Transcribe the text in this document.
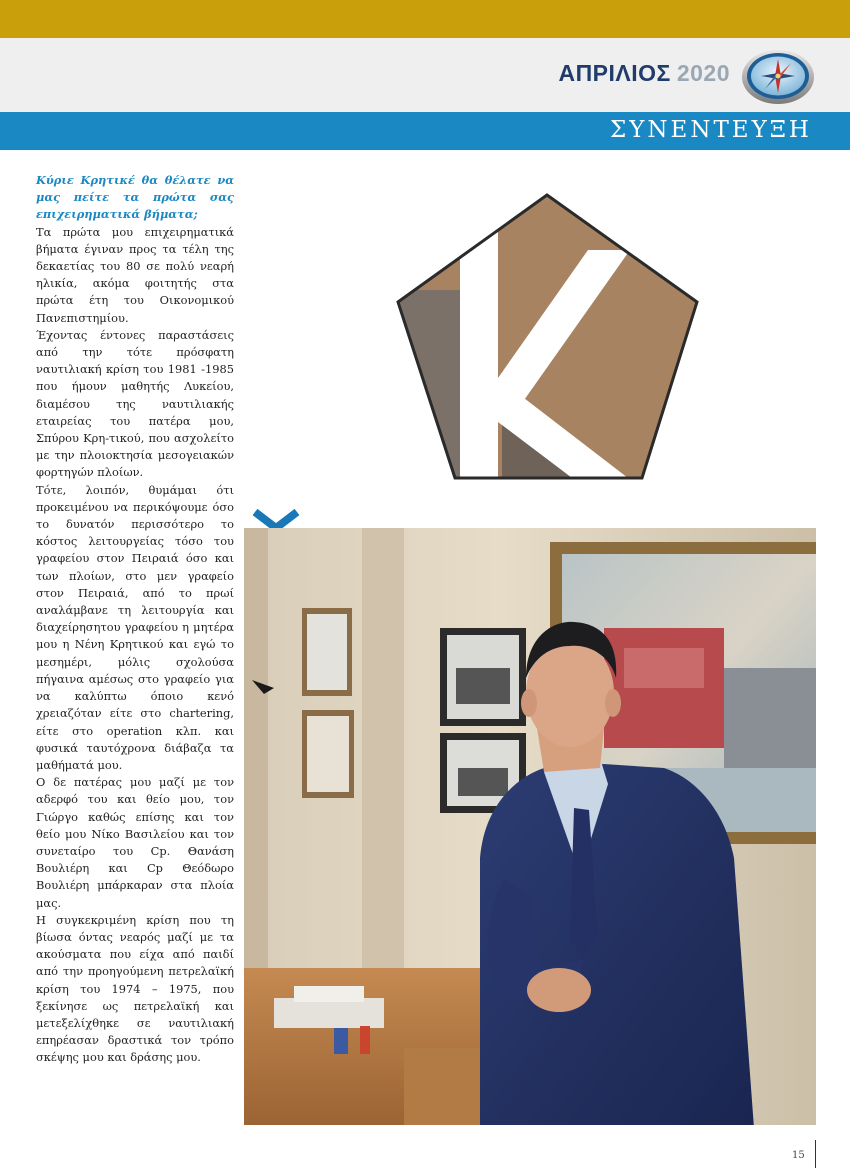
ΑΠΡΙΛΙΟΣ 2020
ΣΥΝΕΝΤΕΥΞΗ

Κύριε Κρητικέ θα θέλατε να μας πείτε τα πρώτα σας επιχειρηματικά βήματα;

Τα πρώτα μου επιχειρηματικά βήματα έγιναν προς τα τέλη της δεκαετίας του 80 σε πολύ νεαρή ηλικία, ακόμα φοιτητής στα πρώτα έτη του Οικονομικού Πανεπιστημίου.

Έχοντας έντονες παραστάσεις από την τότε πρόσφατη ναυτιλιακή κρίση του 1981 -1985 που ήμουν μαθητής Λυκείου, διαμέσου της ναυτιλιακής εταιρείας του πατέρα μου, Σπύρου Κρη-τικού, που ασχολείτο με την πλοιοκτησία μεσογειακών φορτηγών πλοίων.

Τότε, λοιπόν, θυμάμαι ότι προκειμένου να περικόψουμε όσο το δυνατόν περισσότερο το κόστος λειτουργείας τόσο του γραφείου στον Πειραιά όσο και των πλοίων, στο μεν γραφείο στον Πειραιά, από το πρωί αναλάμβανε τη λειτουργία και διαχείρησητου γραφείου η μητέρα μου η Νένη Κρητικού και εγώ το μεσημέρι, μόλις σχολούσα πήγαινα αμέσως στο γραφείο για να καλύπτω όποιο κενό χρειαζόταν είτε στο chartering, είτε στο operation κλπ. και φυσικά ταυτόχρονα διάβαζα τα μαθήματά μου.

Ο δε πατέρας μου μαζί με τον αδερφό του και θείο μου, τον Γιώργο καθώς επίσης και τον θείο μου Νίκο Βασιλείου και τον συνεταίρο του Cp. Θανάση Βουλιέρη και Cp Θεόδωρο Βουλιέρη μπάρκαραν στα πλοία μας.

Η συγκεκριμένη κρίση που τη βίωσα όντας νεαρός μαζί με τα ακούσματα που είχα από παιδί από την προηγούμενη πετρελαϊκή κρίση του 1974 – 1975, που ξεκίνησε ως πετρελαϊκή και μετεξελίχθηκε σε ναυτιλιακή επηρέασαν δραστικά τον τρόπο σκέψης μου και δράσης μου.

15
